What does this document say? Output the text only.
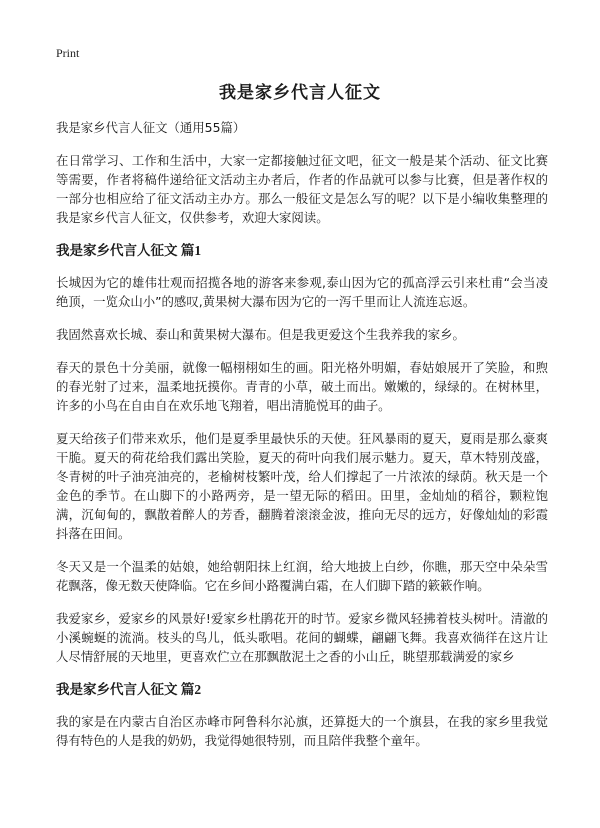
Print
我是家乡代言人征文

我是家乡代言人征文（通用55篇）

在日常学习、工作和生活中，大家一定都接触过征文吧，征文一般是某个活动、征文比赛等需要，作者将稿件递给征文活动主办者后，作者的作品就可以参与比赛，但是著作权的一部分也相应给了征文活动主办方。那么一般征文是怎么写的呢？以下是小编收集整理的我是家乡代言人征文，仅供参考，欢迎大家阅读。

我是家乡代言人征文 篇1

长城因为它的雄伟壮观而招揽各地的游客来参观,泰山因为它的孤高浮云引来杜甫“会当凌绝顶，一览众山小”的感叹,黄果树大瀑布因为它的一泻千里而让人流连忘返。

我固然喜欢长城、泰山和黄果树大瀑布。但是我更爱这个生我养我的家乡。

春天的景色十分美丽，就像一幅栩栩如生的画。阳光格外明媚，春姑娘展开了笑脸，和煦的春光射了过来，温柔地抚摸你。青青的小草，破土而出。嫩嫩的，绿绿的。在树林里，许多的小鸟在自由自在欢乐地飞翔着，唱出清脆悦耳的曲子。

夏天给孩子们带来欢乐，他们是夏季里最快乐的天使。狂风暴雨的夏天，夏雨是那么豪爽干脆。夏天的荷花给我们露出笑脸，夏天的荷叶向我们展示魅力。夏天，草木特别茂盛，冬青树的叶子油亮油亮的，老榆树枝繁叶茂，给人们撑起了一片浓浓的绿荫。秋天是一个金色的季节。在山脚下的小路两旁，是一望无际的稻田。田里，金灿灿的稻谷，颗粒饱满，沉甸甸的，飘散着醉人的芳香，翻腾着滚滚金波，推向无尽的远方，好像灿灿的彩霞抖落在田间。

冬天又是一个温柔的姑娘，她给朝阳抹上红润，给大地披上白纱，你瞧，那天空中朵朵雪花飘落，像无数天使降临。它在乡间小路覆满白霜，在人们脚下踏的簌簌作响。

我爱家乡，爱家乡的风景好!爱家乡杜鹃花开的时节。爱家乡微风轻拂着枝头树叶。清澈的小溪蜿蜒的流淌。枝头的鸟儿，低头歌唱。花间的蝴蝶，翩翩飞舞。我喜欢徜徉在这片让人尽情舒展的天地里，更喜欢伫立在那飘散泥土之香的小山丘，眺望那载满爱的家乡

我是家乡代言人征文 篇2

我的家是在内蒙古自治区赤峰市阿鲁科尔沁旗，还算挺大的一个旗县，在我的家乡里我觉得有特色的人是我的奶奶，我觉得她很特别，而且陪伴我整个童年。
